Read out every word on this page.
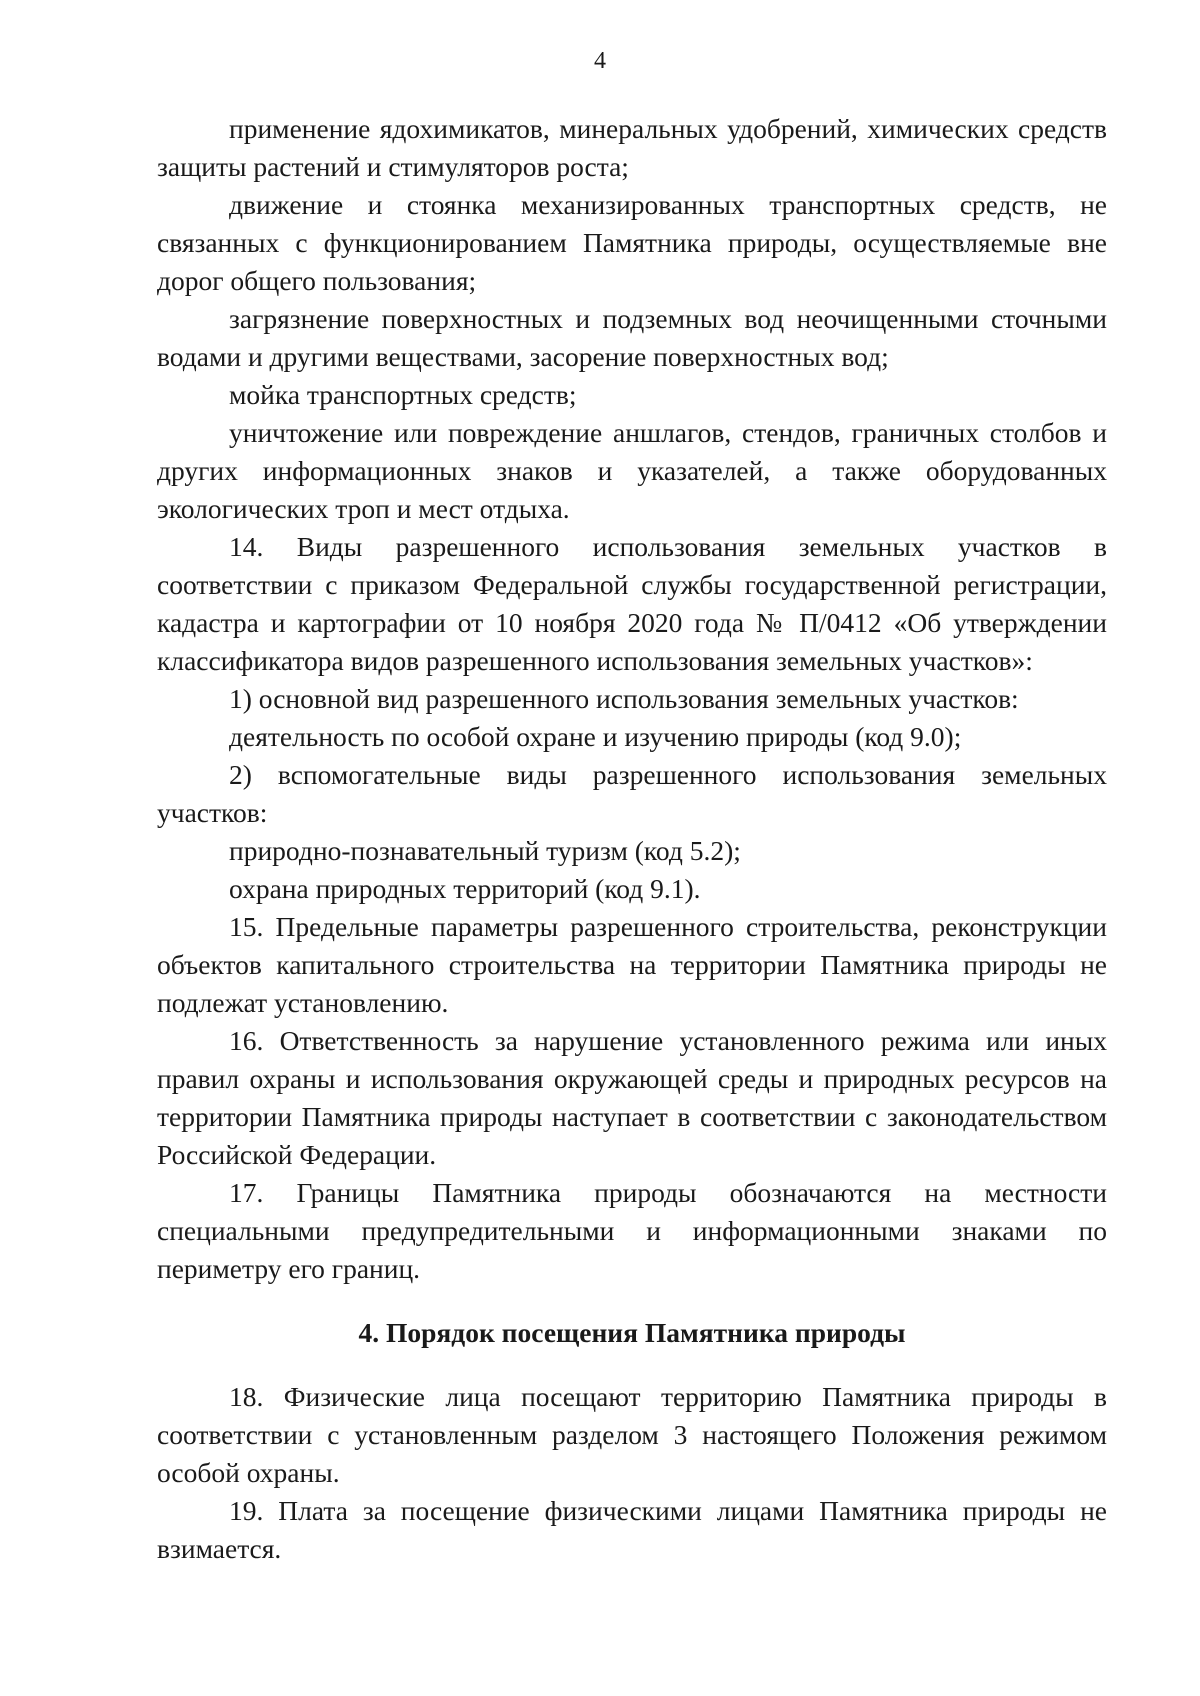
4

применение ядохимикатов, минеральных удобрений, химических средств защиты растений и стимуляторов роста;

движение и стоянка механизированных транспортных средств, не связанных с функционированием Памятника природы, осуществляемые вне дорог общего пользования;

загрязнение поверхностных и подземных вод неочищенными сточными водами и другими веществами, засорение поверхностных вод;

мойка транспортных средств;

уничтожение или повреждение аншлагов, стендов, граничных столбов и других информационных знаков и указателей, а также оборудованных экологических троп и мест отдыха.

14. Виды разрешенного использования земельных участков в соответствии с приказом Федеральной службы государственной регистрации, кадастра и картографии от 10 ноября 2020 года № П/0412 «Об утверждении классификатора видов разрешенного использования земельных участков»:

1) основной вид разрешенного использования земельных участков:

деятельность по особой охране и изучению природы (код 9.0);

2) вспомогательные виды разрешенного использования земельных участков:

природно-познавательный туризм (код 5.2);

охрана природных территорий (код 9.1).

15. Предельные параметры разрешенного строительства, реконструкции объектов капитального строительства на территории Памятника природы не подлежат установлению.

16. Ответственность за нарушение установленного режима или иных правил охраны и использования окружающей среды и природных ресурсов на территории Памятника природы наступает в соответствии с законодательством Российской Федерации.

17. Границы Памятника природы обозначаются на местности специальными предупредительными и информационными знаками по периметру его границ.

4. Порядок посещения Памятника природы

18. Физические лица посещают территорию Памятника природы в соответствии с установленным разделом 3 настоящего Положения режимом особой охраны.

19. Плата за посещение физическими лицами Памятника природы не взимается.
